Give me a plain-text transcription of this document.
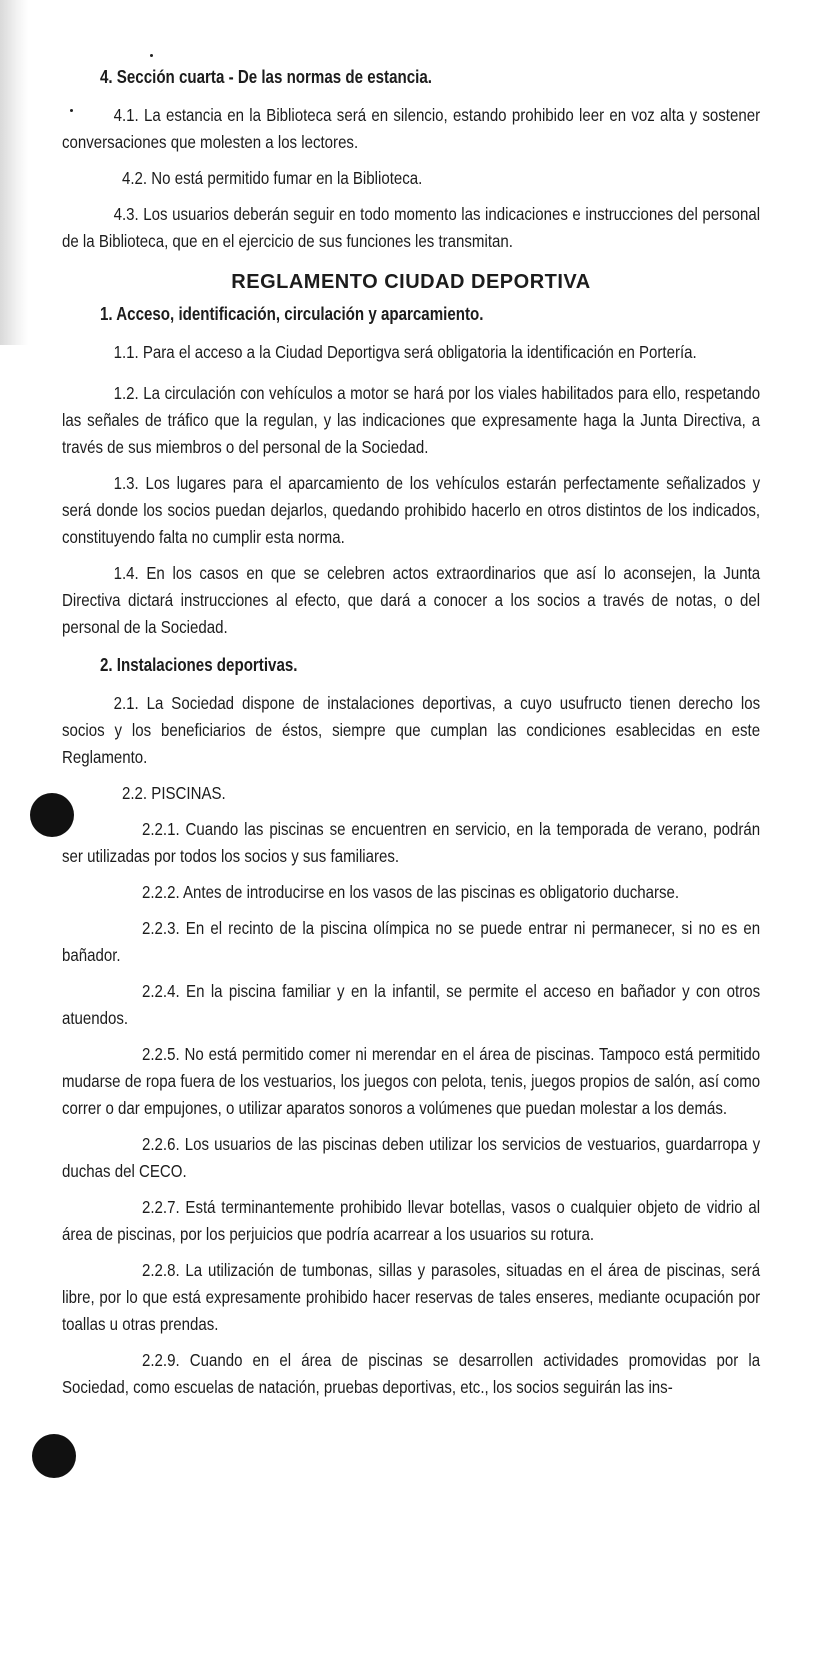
4. Sección cuarta - De las normas de estancia.

4.1. La estancia en la Biblioteca será en silencio, estando prohibido leer en voz alta y sostener conversaciones que molesten a los lectores.

4.2. No está permitido fumar en la Biblioteca.

4.3. Los usuarios deberán seguir en todo momento las indicaciones e instrucciones del personal de la Biblioteca, que en el ejercicio de sus funciones les transmitan.

REGLAMENTO CIUDAD DEPORTIVA
1. Acceso, identificación, circulación y aparcamiento.

1.1. Para el acceso a la Ciudad Deportigva será obligatoria la identificación en Portería.

1.2. La circulación con vehículos a motor se hará por los viales habilitados para ello, respetando las señales de tráfico que la regulan, y las indicaciones que expresamente haga la Junta Directiva, a través de sus miembros o del personal de la Sociedad.

1.3. Los lugares para el aparcamiento de los vehículos estarán perfectamente señalizados y será donde los socios puedan dejarlos, quedando prohibido hacerlo en otros distintos de los indicados, constituyendo falta no cumplir esta norma.

1.4. En los casos en que se celebren actos extraordinarios que así lo aconsejen, la Junta Directiva dictará instrucciones al efecto, que dará a conocer a los socios a través de notas, o del personal de la Sociedad.

2. Instalaciones deportivas.

2.1. La Sociedad dispone de instalaciones deportivas, a cuyo usufructo tienen derecho los socios y los beneficiarios de éstos, siempre que cumplan las condiciones esablecidas en este Reglamento.

2.2. PISCINAS.

2.2.1. Cuando las piscinas se encuentren en servicio, en la temporada de verano, podrán ser utilizadas por todos los socios y sus familiares.

2.2.2. Antes de introducirse en los vasos de las piscinas es obligatorio ducharse.

2.2.3. En el recinto de la piscina olímpica no se puede entrar ni permanecer, si no es en bañador.

2.2.4. En la piscina familiar y en la infantil, se permite el acceso en bañador y con otros atuendos.

2.2.5. No está permitido comer ni merendar en el área de piscinas. Tampoco está permitido mudarse de ropa fuera de los vestuarios, los juegos con pelota, tenis, juegos propios de salón, así como correr o dar empujones, o utilizar aparatos sonoros a volúmenes que puedan molestar a los demás.

2.2.6. Los usuarios de las piscinas deben utilizar los servicios de vestuarios, guardarropa y duchas del CECO.

2.2.7. Está terminantemente prohibido llevar botellas, vasos o cualquier objeto de vidrio al área de piscinas, por los perjuicios que podría acarrear a los usuarios su rotura.

2.2.8. La utilización de tumbonas, sillas y parasoles, situadas en el área de piscinas, será libre, por lo que está expresamente prohibido hacer reservas de tales enseres, mediante ocupación por toallas u otras prendas.

2.2.9. Cuando en el área de piscinas se desarrollen actividades promovidas por la Sociedad, como escuelas de natación, pruebas deportivas, etc., los socios seguirán las ins-
